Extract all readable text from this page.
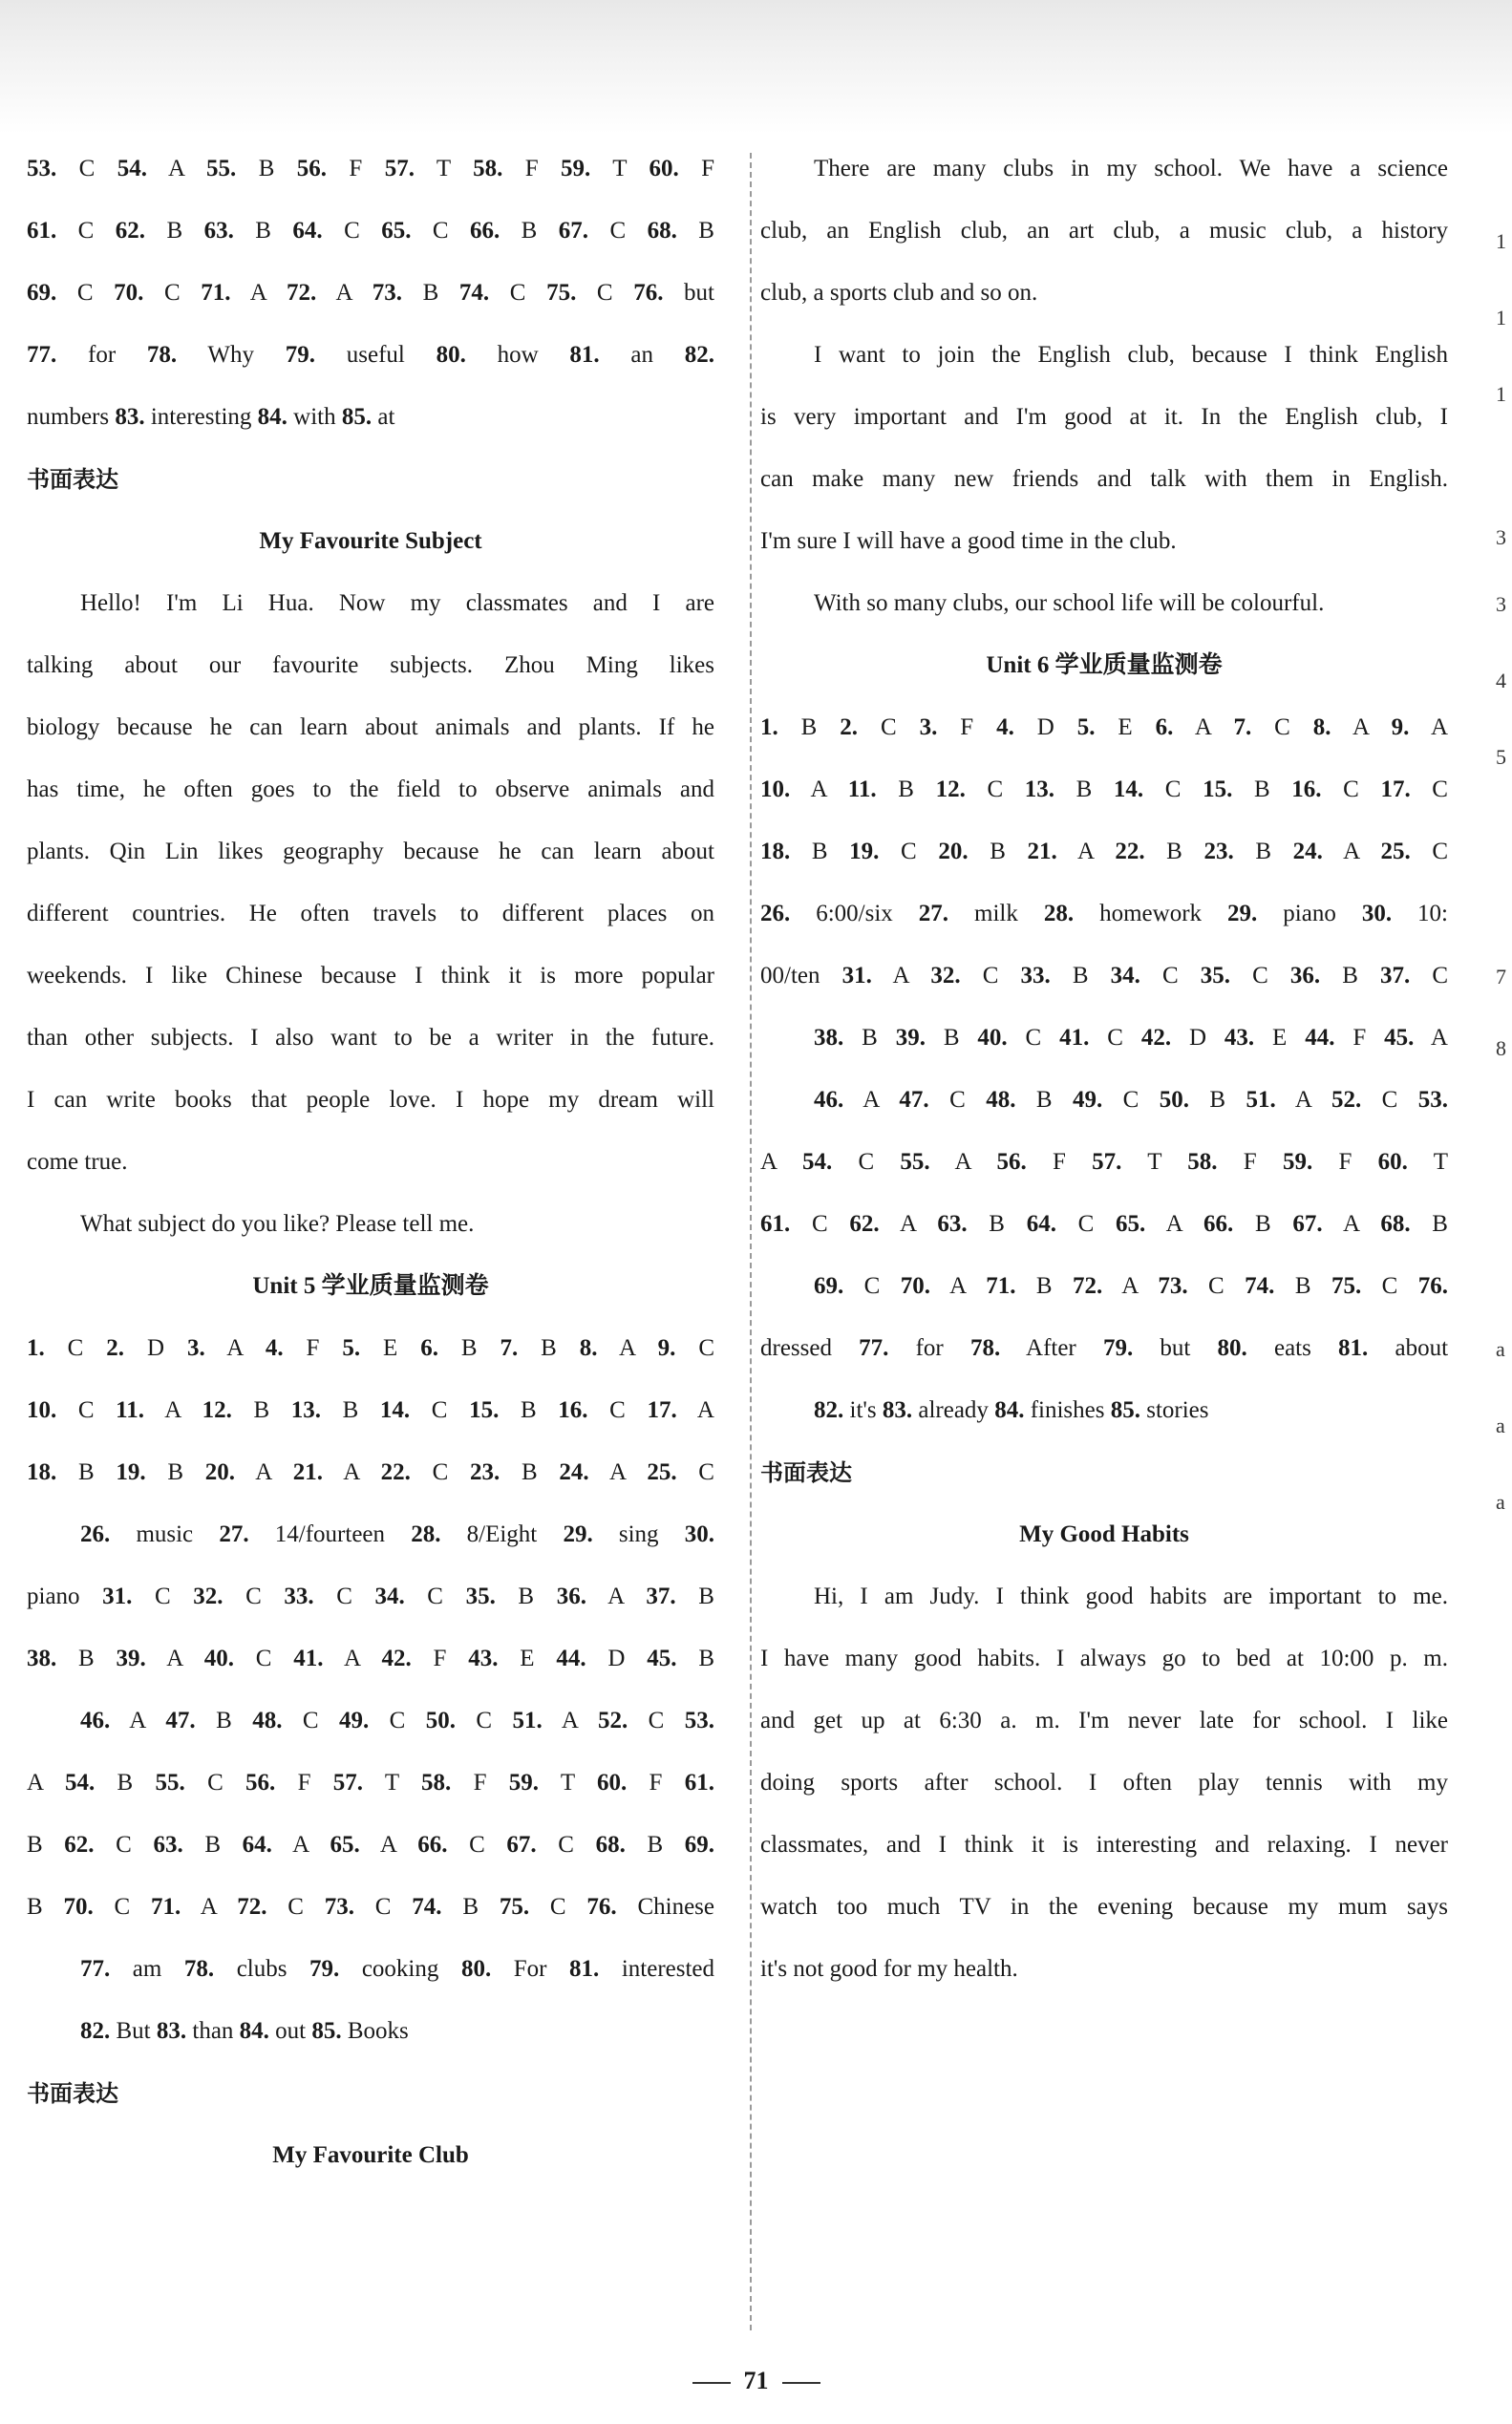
53. C 54. A 55. B 56. F 57. T 58. F 59. T 60. F
61. C 62. B 63. B 64. C 65. C 66. B 67. C 68. B
69. C 70. C 71. A 72. A 73. B 74. C 75. C 76. but
77. for 78. Why 79. useful 80. how 81. an 82.
numbers 83. interesting 84. with 85. at
书面表达
My Favourite Subject
Hello! I'm Li Hua. Now my classmates and I are
talking about our favourite subjects. Zhou Ming likes
biology because he can learn about animals and plants. If he
has time, he often goes to the field to observe animals and
plants. Qin Lin likes geography because he can learn about
different countries. He often travels to different places on
weekends. I like Chinese because I think it is more popular
than other subjects. I also want to be a writer in the future.
I can write books that people love. I hope my dream will
come true.
What subject do you like? Please tell me.
Unit 5 学业质量监测卷
1. C 2. D 3. A 4. F 5. E 6. B 7. B 8. A 9. C
10. C 11. A 12. B 13. B 14. C 15. B 16. C 17. A
18. B 19. B 20. A 21. A 22. C 23. B 24. A 25. C
26. music 27. 14/fourteen 28. 8/Eight 29. sing 30.
piano 31. C 32. C 33. C 34. C 35. B 36. A 37. B
38. B 39. A 40. C 41. A 42. F 43. E 44. D 45. B
46. A 47. B 48. C 49. C 50. C 51. A 52. C 53.
A 54. B 55. C 56. F 57. T 58. F 59. T 60. F 61.
B 62. C 63. B 64. A 65. A 66. C 67. C 68. B 69.
B 70. C 71. A 72. C 73. C 74. B 75. C 76. Chinese
77. am 78. clubs 79. cooking 80. For 81. interested
82. But 83. than 84. out 85. Books
书面表达
My Favourite Club
There are many clubs in my school. We have a science
club, an English club, an art club, a music club, a history
club, a sports club and so on.
I want to join the English club, because I think English
is very important and I'm good at it. In the English club, I
can make many new friends and talk with them in English.
I'm sure I will have a good time in the club.
With so many clubs, our school life will be colourful.
Unit 6 学业质量监测卷
1. B 2. C 3. F 4. D 5. E 6. A 7. C 8. A 9. A
10. A 11. B 12. C 13. B 14. C 15. B 16. C 17. C
18. B 19. C 20. B 21. A 22. B 23. B 24. A 25. C
26. 6:00/six 27. milk 28. homework 29. piano 30. 10:
00/ten 31. A 32. C 33. B 34. C 35. C 36. B 37. C
38. B 39. B 40. C 41. C 42. D 43. E 44. F 45. A
46. A 47. C 48. B 49. C 50. B 51. A 52. C 53.
A 54. C 55. A 56. F 57. T 58. F 59. F 60. T
61. C 62. A 63. B 64. C 65. A 66. B 67. A 68. B
69. C 70. A 71. B 72. A 73. C 74. B 75. C 76.
dressed 77. for 78. After 79. but 80. eats 81. about
82. it's 83. already 84. finishes 85. stories
书面表达
My Good Habits
Hi, I am Judy. I think good habits are important to me.
I have many good habits. I always go to bed at 10:00 p. m.
and get up at 6:30 a. m. I'm never late for school. I like
doing sports after school. I often play tennis with my
classmates, and I think it is interesting and relaxing. I never
watch too much TV in the evening because my mum says
it's not good for my health.
1
1
1
3
3
4
5
7
8
a
a
a
71
